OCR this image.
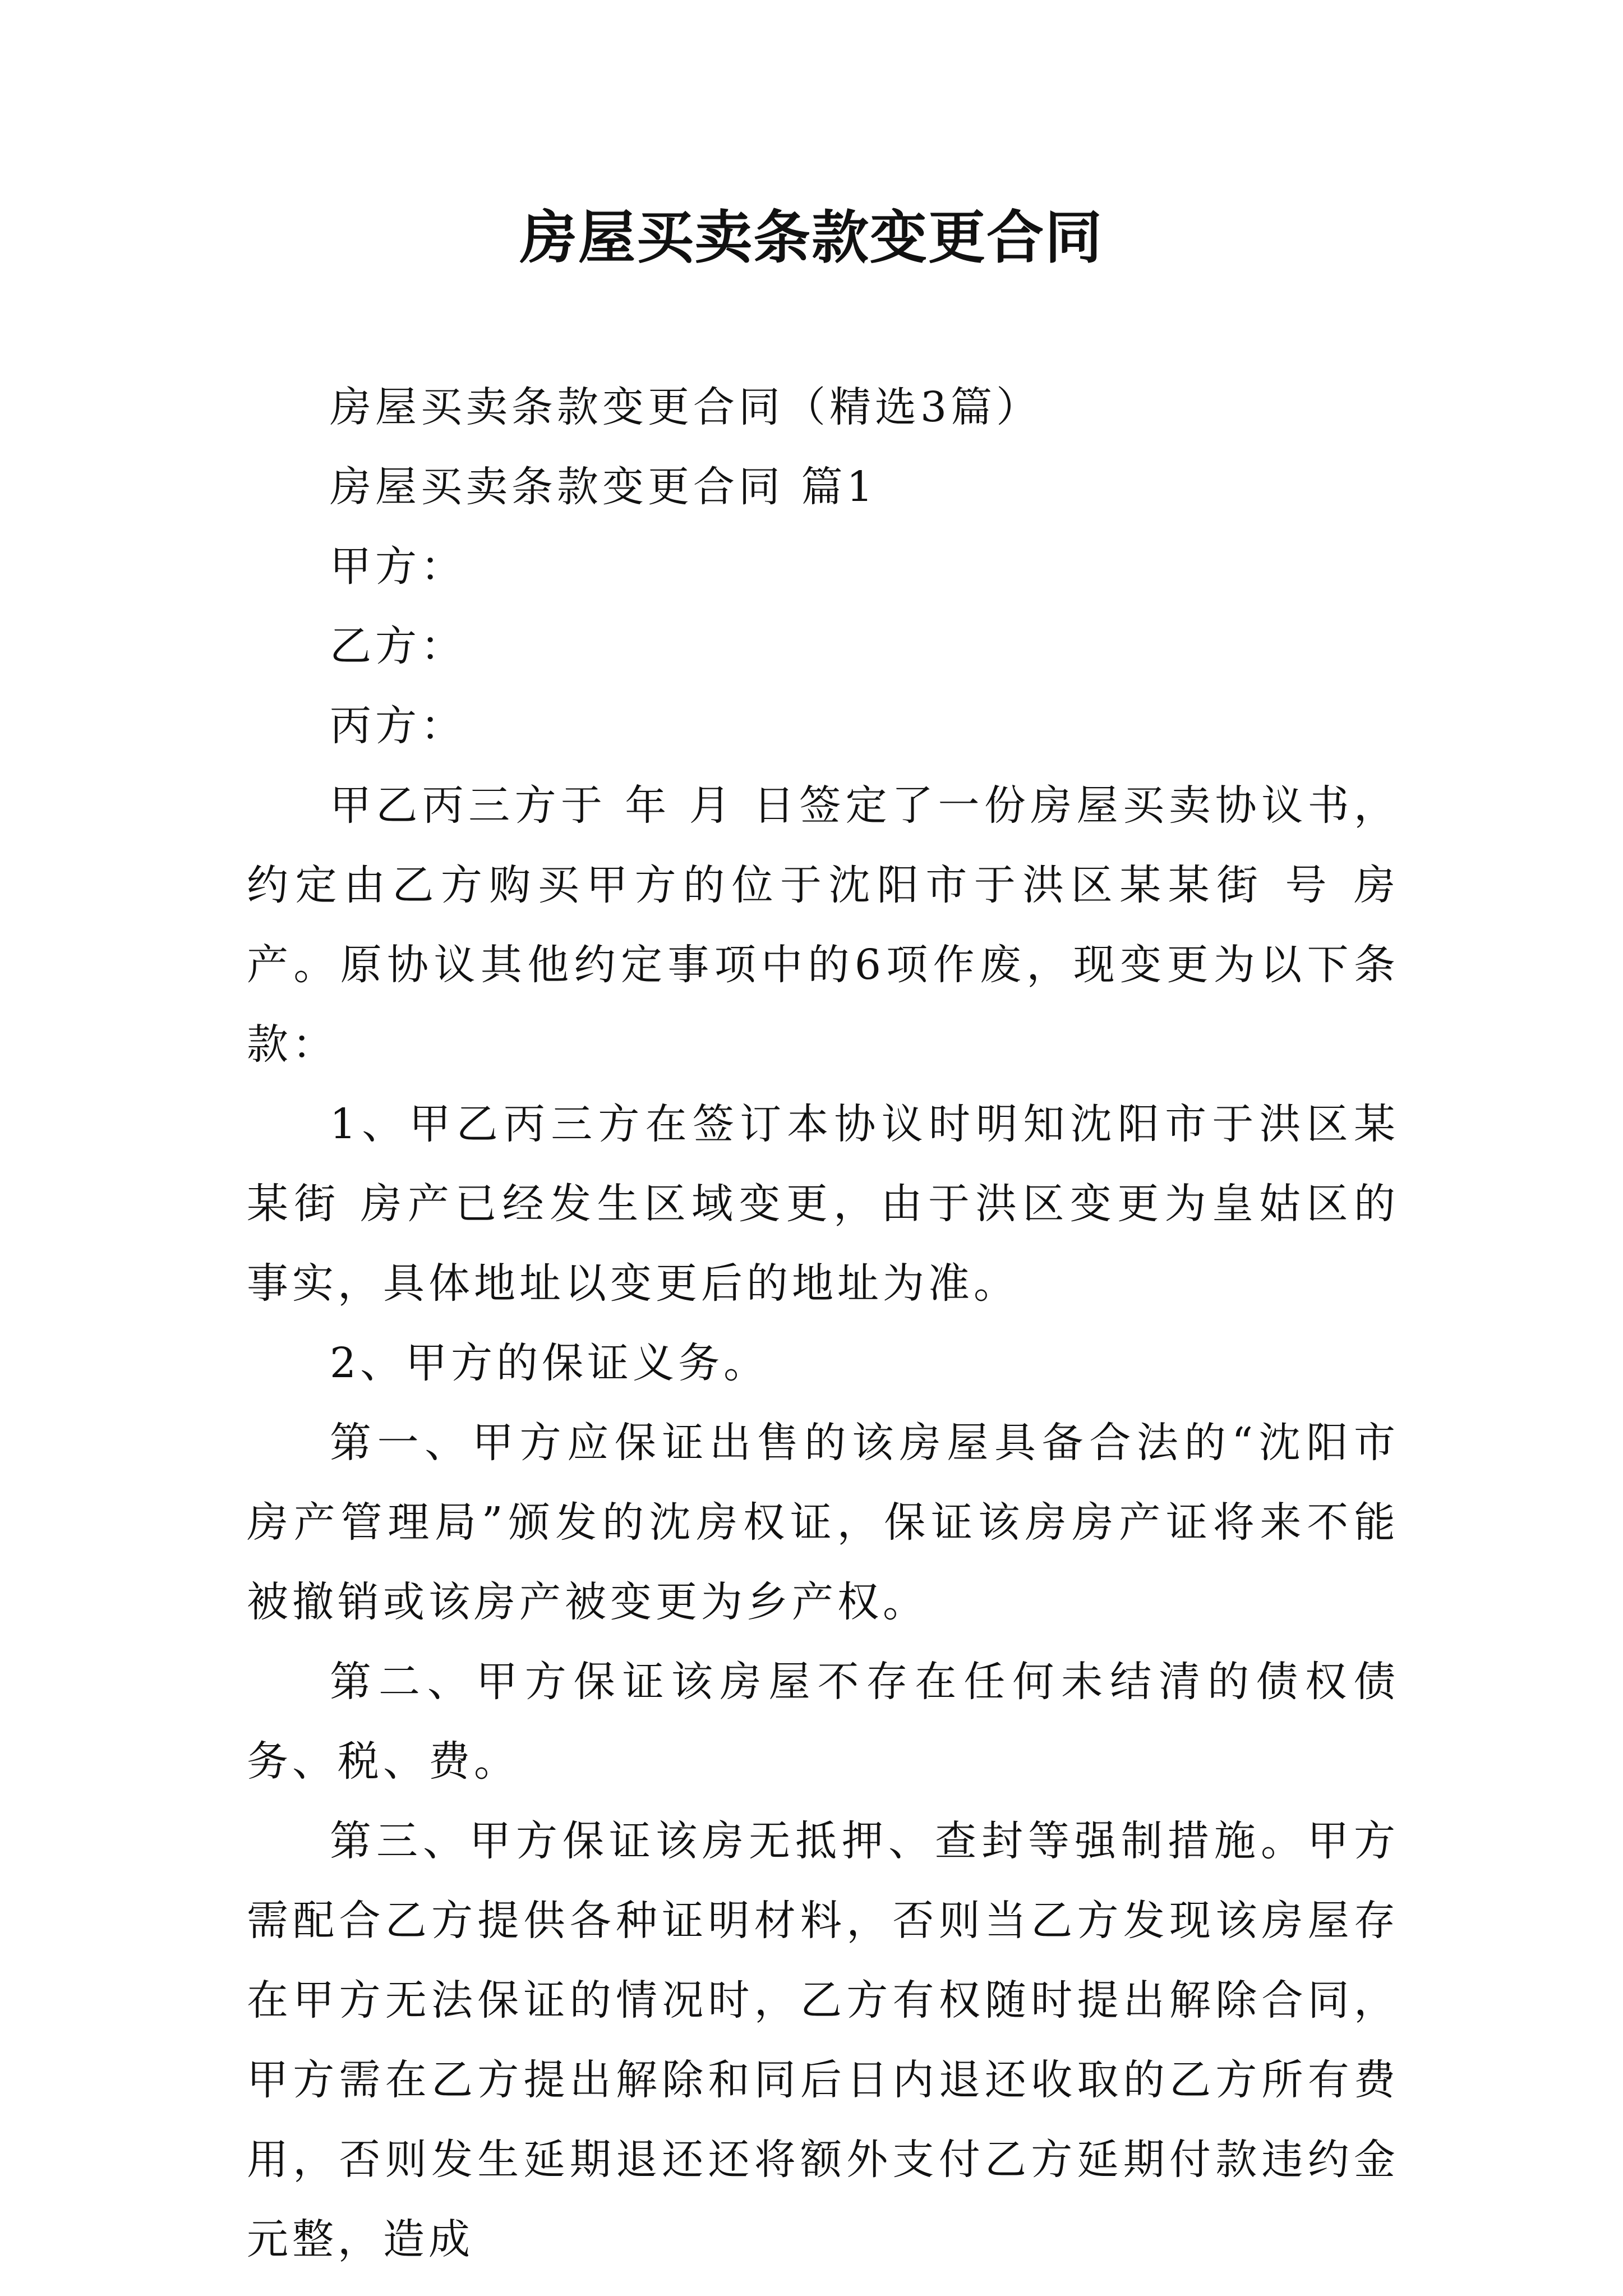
房屋买卖条款变更合同

房屋买卖条款变更合同（精选3篇）

房屋买卖条款变更合同 篇1

甲方：

乙方：

丙方：

甲乙丙三方于 年 月 日签定了一份房屋买卖协议书，约定由乙方购买甲方的位于沈阳市于洪区某某街 号 房产。原协议其他约定事项中的6项作废，现变更为以下条款：

1、甲乙丙三方在签订本协议时明知沈阳市于洪区某某街 房产已经发生区域变更，由于洪区变更为皇姑区的事实，具体地址以变更后的地址为准。

2、甲方的保证义务。

第一、甲方应保证出售的该房屋具备合法的“沈阳市房产管理局”颁发的沈房权证，保证该房房产证将来不能被撤销或该房产被变更为乡产权。

第二、甲方保证该房屋不存在任何未结清的债权债务、税、费。

第三、甲方保证该房无抵押、查封等强制措施。甲方需配合乙方提供各种证明材料，否则当乙方发现该房屋存在甲方无法保证的情况时，乙方有权随时提出解除合同，甲方需在乙方提出解除和同后日内退还收取的乙方所有费用，否则发生延期退还还将额外支付乙方延期付款违约金元整，造成
